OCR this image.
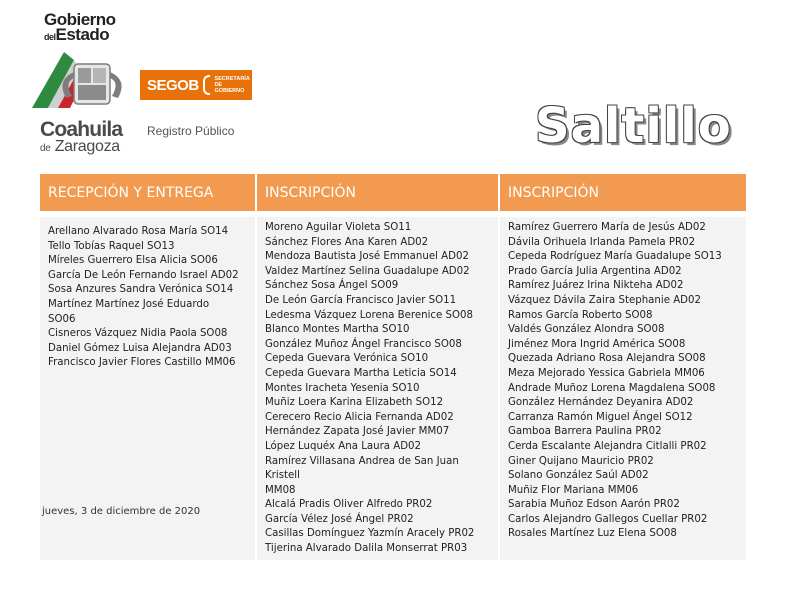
Gobierno
delEstado
SEGOB	SECRETARÍA
DE GOBIERNO
Coahuila
de Zaragoza
Registro Público	Saltillo
RECEPCIÓN Y ENTREGA	INSCRIPCIÓN	INSCRIPCIÓN
Arellano Alvarado Rosa María SO14
Tello Tobías Raquel SO13
Míreles Guerrero Elsa Alicia SO06
García De León Fernando Israel AD02
Sosa Anzures Sandra Verónica SO14
Martínez Martínez José Eduardo
SO06
Cisneros Vázquez Nidia Paola SO08
Daniel Gómez Luisa Alejandra AD03
Francisco Javier Flores Castillo MM06
jueves, 3 de diciembre de 2020
Moreno Aguilar Violeta SO11
Sánchez Flores Ana Karen AD02
Mendoza Bautista José Emmanuel AD02
Valdez Martínez Selina Guadalupe AD02
Sánchez Sosa Ángel SO09
De León García Francisco Javier SO11
Ledesma Vázquez Lorena Berenice SO08
Blanco Montes Martha SO10
González Muñoz Ángel Francisco SO08
Cepeda Guevara Verónica SO10
Cepeda Guevara Martha Leticia SO14
Montes Iracheta Yesenia SO10
Muñiz Loera Karina Elizabeth SO12
Cerecero Recio Alicia Fernanda AD02
Hernández Zapata José Javier MM07
López Luquéx Ana Laura AD02
Ramírez Villasana Andrea de San Juan Kristell
MM08
Alcalá Pradis Oliver Alfredo PR02
García Vélez José Ángel PR02
Casillas Domínguez Yazmín Aracely PR02
Tijerina Alvarado Dalila Monserrat PR03
Ramírez Guerrero María de Jesús AD02
Dávila Orihuela Irlanda Pamela PR02
Cepeda Rodríguez María Guadalupe SO13
Prado García Julia Argentina AD02
Ramírez Juárez Irina Nikteha AD02
Vázquez Dávila Zaira Stephanie AD02
Ramos García Roberto SO08
Valdés González Alondra SO08
Jiménez Mora Ingrid América SO08
Quezada Adriano Rosa Alejandra SO08
Meza Mejorado Yessica Gabriela MM06
Andrade Muñoz Lorena Magdalena SO08
González Hernández Deyanira AD02
Carranza Ramón Miguel Ángel SO12
Gamboa Barrera Paulina PR02
Cerda Escalante Alejandra Citlalli PR02
Giner Quijano Mauricio PR02
Solano González Saúl AD02
Muñiz Flor Mariana MM06
Sarabia Muñoz Edson Aarón PR02
Carlos Alejandro Gallegos Cuellar PR02
Rosales Martínez Luz Elena SO08
